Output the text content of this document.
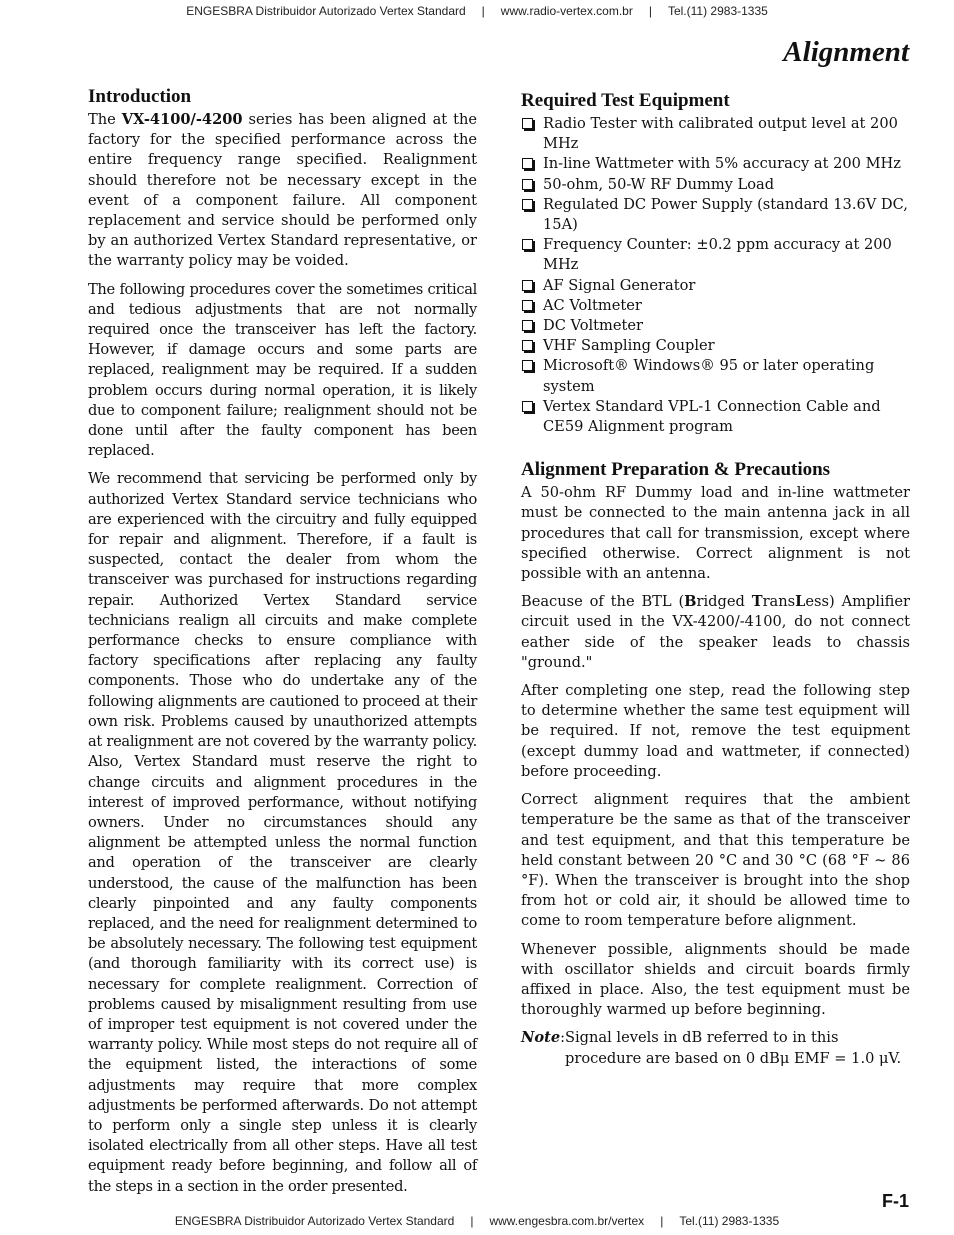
ENGESBRA Distribuidor Autorizado Vertex Standard | www.radio-vertex.com.br | Tel.(11) 2983-1335
Alignment
Introduction

The VX-4100/-4200 series has been aligned at the factory for the specified performance across the entire frequency range specified. Realignment should therefore not be necessary except in the event of a component failure. All component replacement and service should be performed only by an authorized Vertex Standard representative, or the warranty policy may be voided.

The following procedures cover the sometimes critical and tedious adjustments that are not normally required once the transceiver has left the factory. However, if damage occurs and some parts are replaced, realignment may be required. If a sudden problem occurs during normal operation, it is likely due to component failure; realignment should not be done until after the faulty component has been replaced.

We recommend that servicing be performed only by authorized Vertex Standard service technicians who are experienced with the circuitry and fully equipped for repair and alignment. Therefore, if a fault is suspected, contact the dealer from whom the transceiver was purchased for instructions regarding repair. Authorized Vertex Standard service technicians realign all circuits and make complete performance checks to ensure compliance with factory specifications after replacing any faulty components. Those who do undertake any of the following alignments are cautioned to proceed at their own risk. Problems caused by unauthorized attempts at realignment are not covered by the warranty policy. Also, Vertex Standard must reserve the right to change circuits and alignment procedures in the interest of improved performance, without notifying owners. Under no circumstances should any alignment be attempted unless the normal function and operation of the transceiver are clearly understood, the cause of the malfunction has been clearly pinpointed and any faulty components replaced, and the need for realignment determined to be absolutely necessary. The following test equipment (and thorough familiarity with its correct use) is necessary for complete realignment. Correction of problems caused by misalignment resulting from use of improper test equipment is not covered under the warranty policy. While most steps do not require all of the equipment listed, the interactions of some adjustments may require that more complex adjustments be performed afterwards. Do not attempt to perform only a single step unless it is clearly isolated electrically from all other steps. Have all test equipment ready before beginning, and follow all of the steps in a section in the order presented.

Required Test Equipment
Radio Tester with calibrated output level at 200 MHz
In-line Wattmeter with 5% accuracy at 200 MHz
50-ohm, 50-W RF Dummy Load
Regulated DC Power Supply (standard 13.6V DC, 15A)
Frequency Counter: ±0.2 ppm accuracy at 200 MHz
AF Signal Generator
AC Voltmeter
DC Voltmeter
VHF Sampling Coupler
Microsoft® Windows® 95 or later operating system
Vertex Standard VPL-1 Connection Cable and CE59 Alignment program
Alignment Preparation & Precautions

A 50-ohm RF Dummy load and in-line wattmeter must be connected to the main antenna jack in all procedures that call for transmission, except where specified otherwise. Correct alignment is not possible with an antenna.

Beacuse of the BTL (Bridged TransLess) Amplifier circuit used in the VX-4200/-4100, do not connect eather side of the speaker leads to chassis "ground."

After completing one step, read the following step to determine whether the same test equipment will be required. If not, remove the test equipment (except dummy load and wattmeter, if connected) before proceeding.

Correct alignment requires that the ambient temperature be the same as that of the transceiver and test equipment, and that this temperature be held constant between 20 °C and 30 °C (68 °F ~ 86 °F). When the transceiver is brought into the shop from hot or cold air, it should be allowed time to come to room temperature before alignment.

Whenever possible, alignments should be made with oscillator shields and circuit boards firmly affixed in place. Also, the test equipment must be thoroughly warmed up before beginning.

Note: Signal levels in dB referred to in this procedure are based on 0 dBμ EMF = 1.0 μV.
F-1
ENGESBRA Distribuidor Autorizado Vertex Standard | www.engesbra.com.br/vertex | Tel.(11) 2983-1335
